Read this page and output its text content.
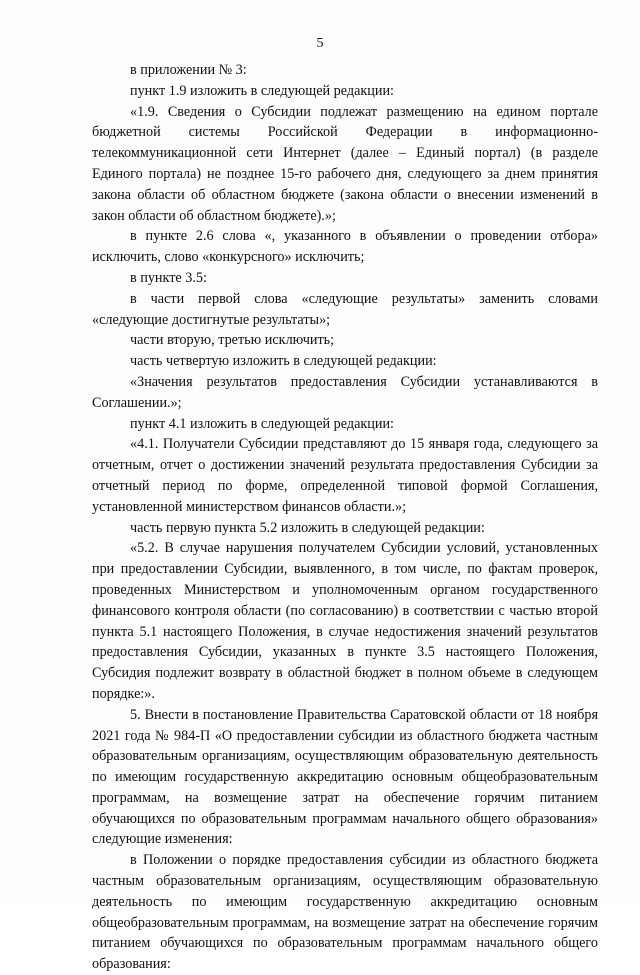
5

в приложении № 3:

пункт 1.9 изложить в следующей редакции:

«1.9. Сведения о Субсидии подлежат размещению на едином портале бюджетной системы Российской Федерации в информационно-телекоммуникационной сети Интернет (далее – Единый портал) (в разделе Единого портала) не позднее 15-го рабочего дня, следующего за днем принятия закона области об областном бюджете (закона области о внесении изменений в закон области об областном бюджете).»;

в пункте 2.6 слова «, указанного в объявлении о проведении отбора» исключить, слово «конкурсного» исключить;

в пункте 3.5:

в части первой слова «следующие результаты» заменить словами «следующие достигнутые результаты»;

части вторую, третью исключить;

часть четвертую изложить в следующей редакции:

«Значения результатов предоставления Субсидии устанавливаются в Соглашении.»;

пункт 4.1 изложить в следующей редакции:

«4.1. Получатели Субсидии представляют до 15 января года, следующего за отчетным, отчет о достижении значений результата предоставления Субсидии за отчетный период по форме, определенной типовой формой Соглашения, установленной министерством финансов области.»;

часть первую пункта 5.2 изложить в следующей редакции:

«5.2. В случае нарушения получателем Субсидии условий, установленных при предоставлении Субсидии, выявленного, в том числе, по фактам проверок, проведенных Министерством и уполномоченным органом государственного финансового контроля области (по согласованию) в соответствии с частью второй пункта 5.1 настоящего Положения, в случае недостижения значений результатов предоставления Субсидии, указанных в пункте 3.5 настоящего Положения, Субсидия подлежит возврату в областной бюджет в полном объеме в следующем порядке:».

5. Внести в постановление Правительства Саратовской области от 18 ноября 2021 года № 984-П «О предоставлении субсидии из областного бюджета частным образовательным организациям, осуществляющим образовательную деятельность по имеющим государственную аккредитацию основным общеобразовательным программам, на возмещение затрат на обеспечение горячим питанием обучающихся по образовательным программам начального общего образования» следующие изменения:

в Положении о порядке предоставления субсидии из областного бюджета частным образовательным организациям, осуществляющим образовательную деятельность по имеющим государственную аккредитацию основным общеобразовательным программам, на возмещение затрат на обеспечение горячим питанием обучающихся по образовательным программам начального общего образования:
